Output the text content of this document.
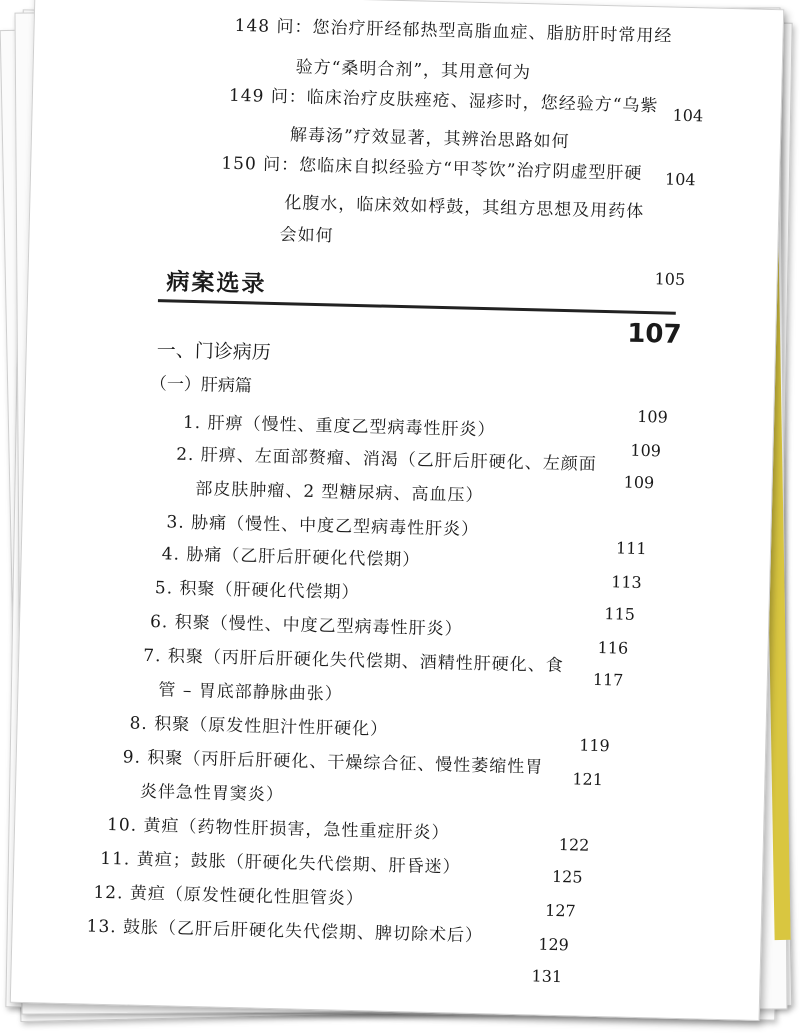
148 问：您治疗肝经郁热型高脂血症、脂肪肝时常用经
验方“桑明合剂”，其用意何为
104
149 问：临床治疗皮肤痤疮、湿疹时，您经验方“乌紫
解毒汤”疗效显著，其辨治思路如何
104
150 问：您临床自拟经验方“甲苓饮”治疗阴虚型肝硬
化腹水，临床效如桴鼓，其组方思想及用药体
会如何
105
病案选录
107
一、门诊病历
（一）肝病篇
109
1. 肝痹（慢性、重度乙型病毒性肝炎）
109
2. 肝痹、左面部赘瘤、消渴（乙肝后肝硬化、左颜面
109
部皮肤肿瘤、2 型糖尿病、高血压）
3. 胁痛（慢性、中度乙型病毒性肝炎）
111
4. 胁痛（乙肝后肝硬化代偿期）
113
5. 积聚（肝硬化代偿期）
115
6. 积聚（慢性、中度乙型病毒性肝炎）
116
7. 积聚（丙肝后肝硬化失代偿期、酒精性肝硬化、食
117
管 – 胃底部静脉曲张）
8. 积聚（原发性胆汁性肝硬化）
119
9. 积聚（丙肝后肝硬化、干燥综合征、慢性萎缩性胃
121
炎伴急性胃窦炎）
10. 黄疸（药物性肝损害，急性重症肝炎）
122
11. 黄疸；鼓胀（肝硬化失代偿期、肝昏迷）	125
12. 黄疸（原发性硬化性胆管炎）
127
13. 鼓胀（乙肝后肝硬化失代偿期、脾切除术后）	129
131
